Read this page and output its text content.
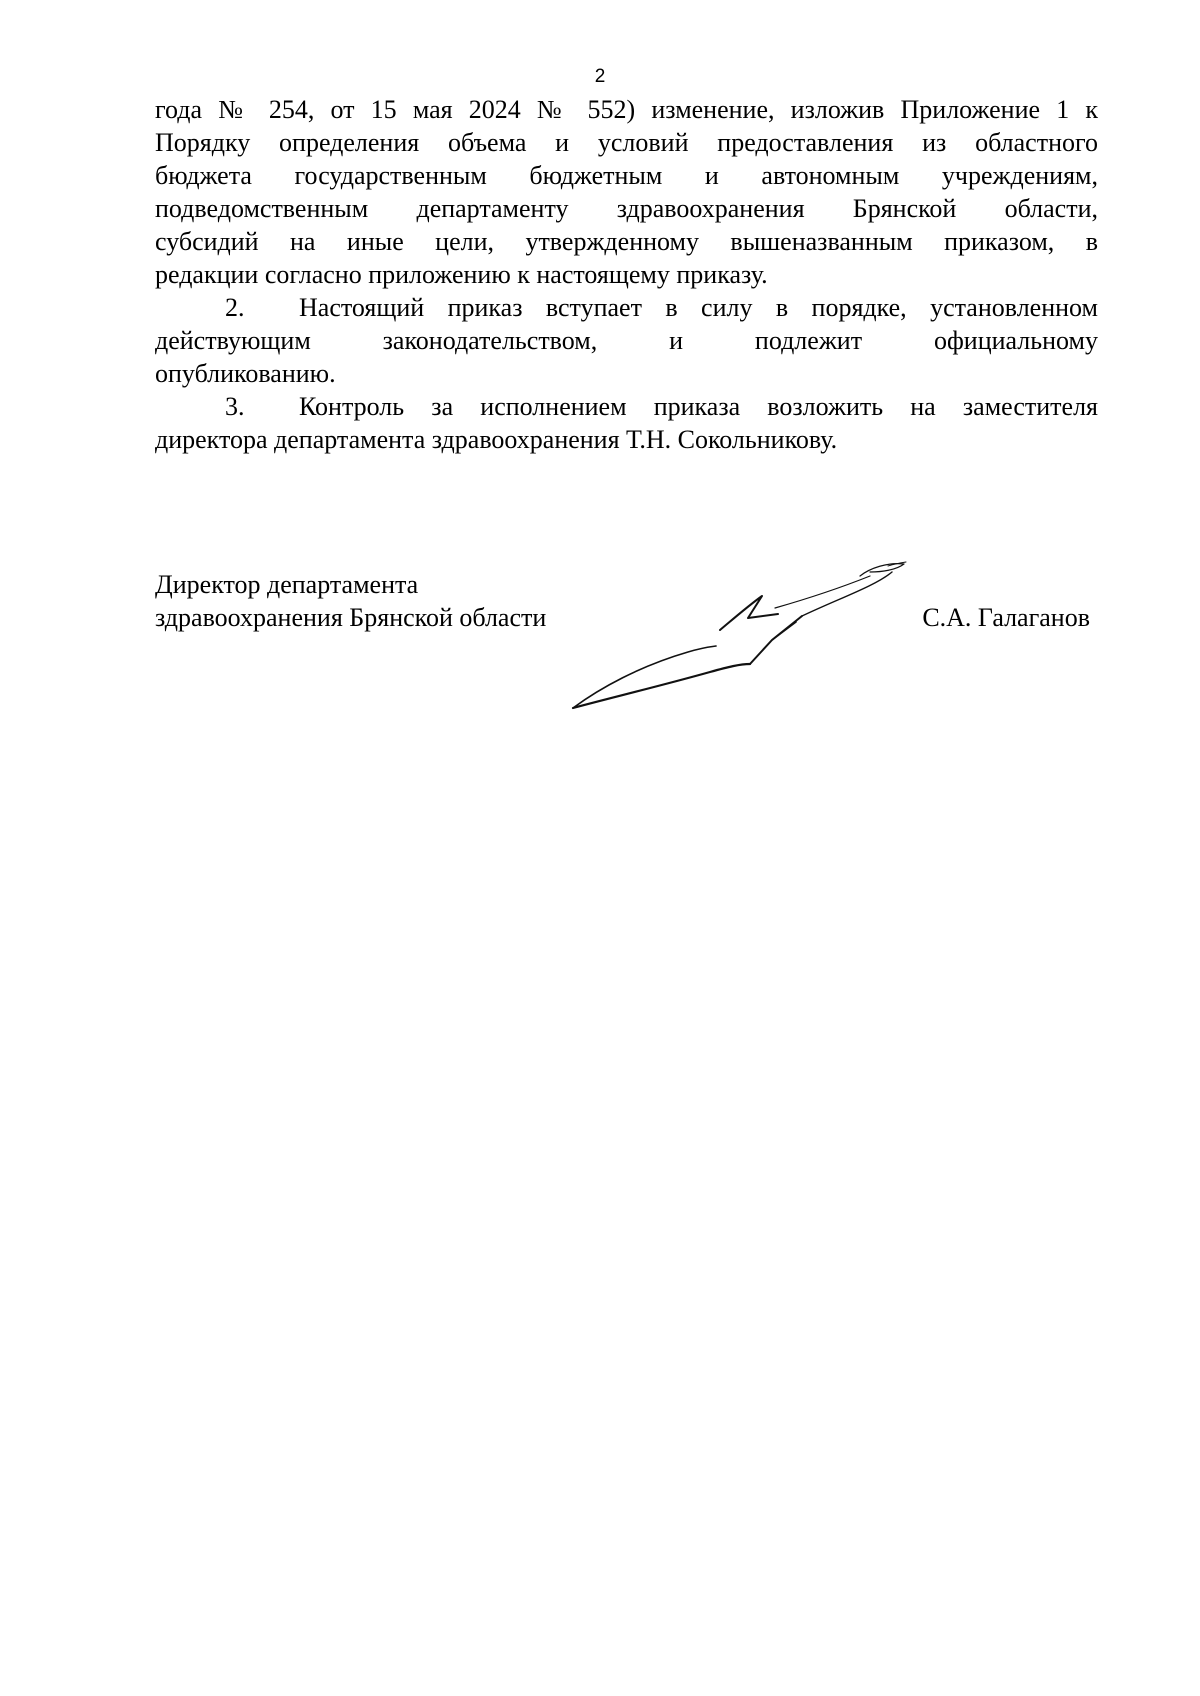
2
года № 254, от 15 мая 2024 № 552) изменение, изложив Приложение 1 к
Порядку определения объема и условий предоставления из областного
бюджета государственным бюджетным и автономным учреждениям,
подведомственным департаменту здравоохранения Брянской области,
субсидий на иные цели, утвержденному вышеназванным приказом, в
редакции согласно приложению к настоящему приказу.
2.	Настоящий приказ вступает в силу в порядке, установленном
действующим законодательством, и подлежит официальному
опубликованию.
3.	Контроль за исполнением приказа возложить на заместителя
директора департамента здравоохранения Т.Н. Сокольникову.
Директор департамента
здравоохранения Брянской области	С.А. Галаганов
